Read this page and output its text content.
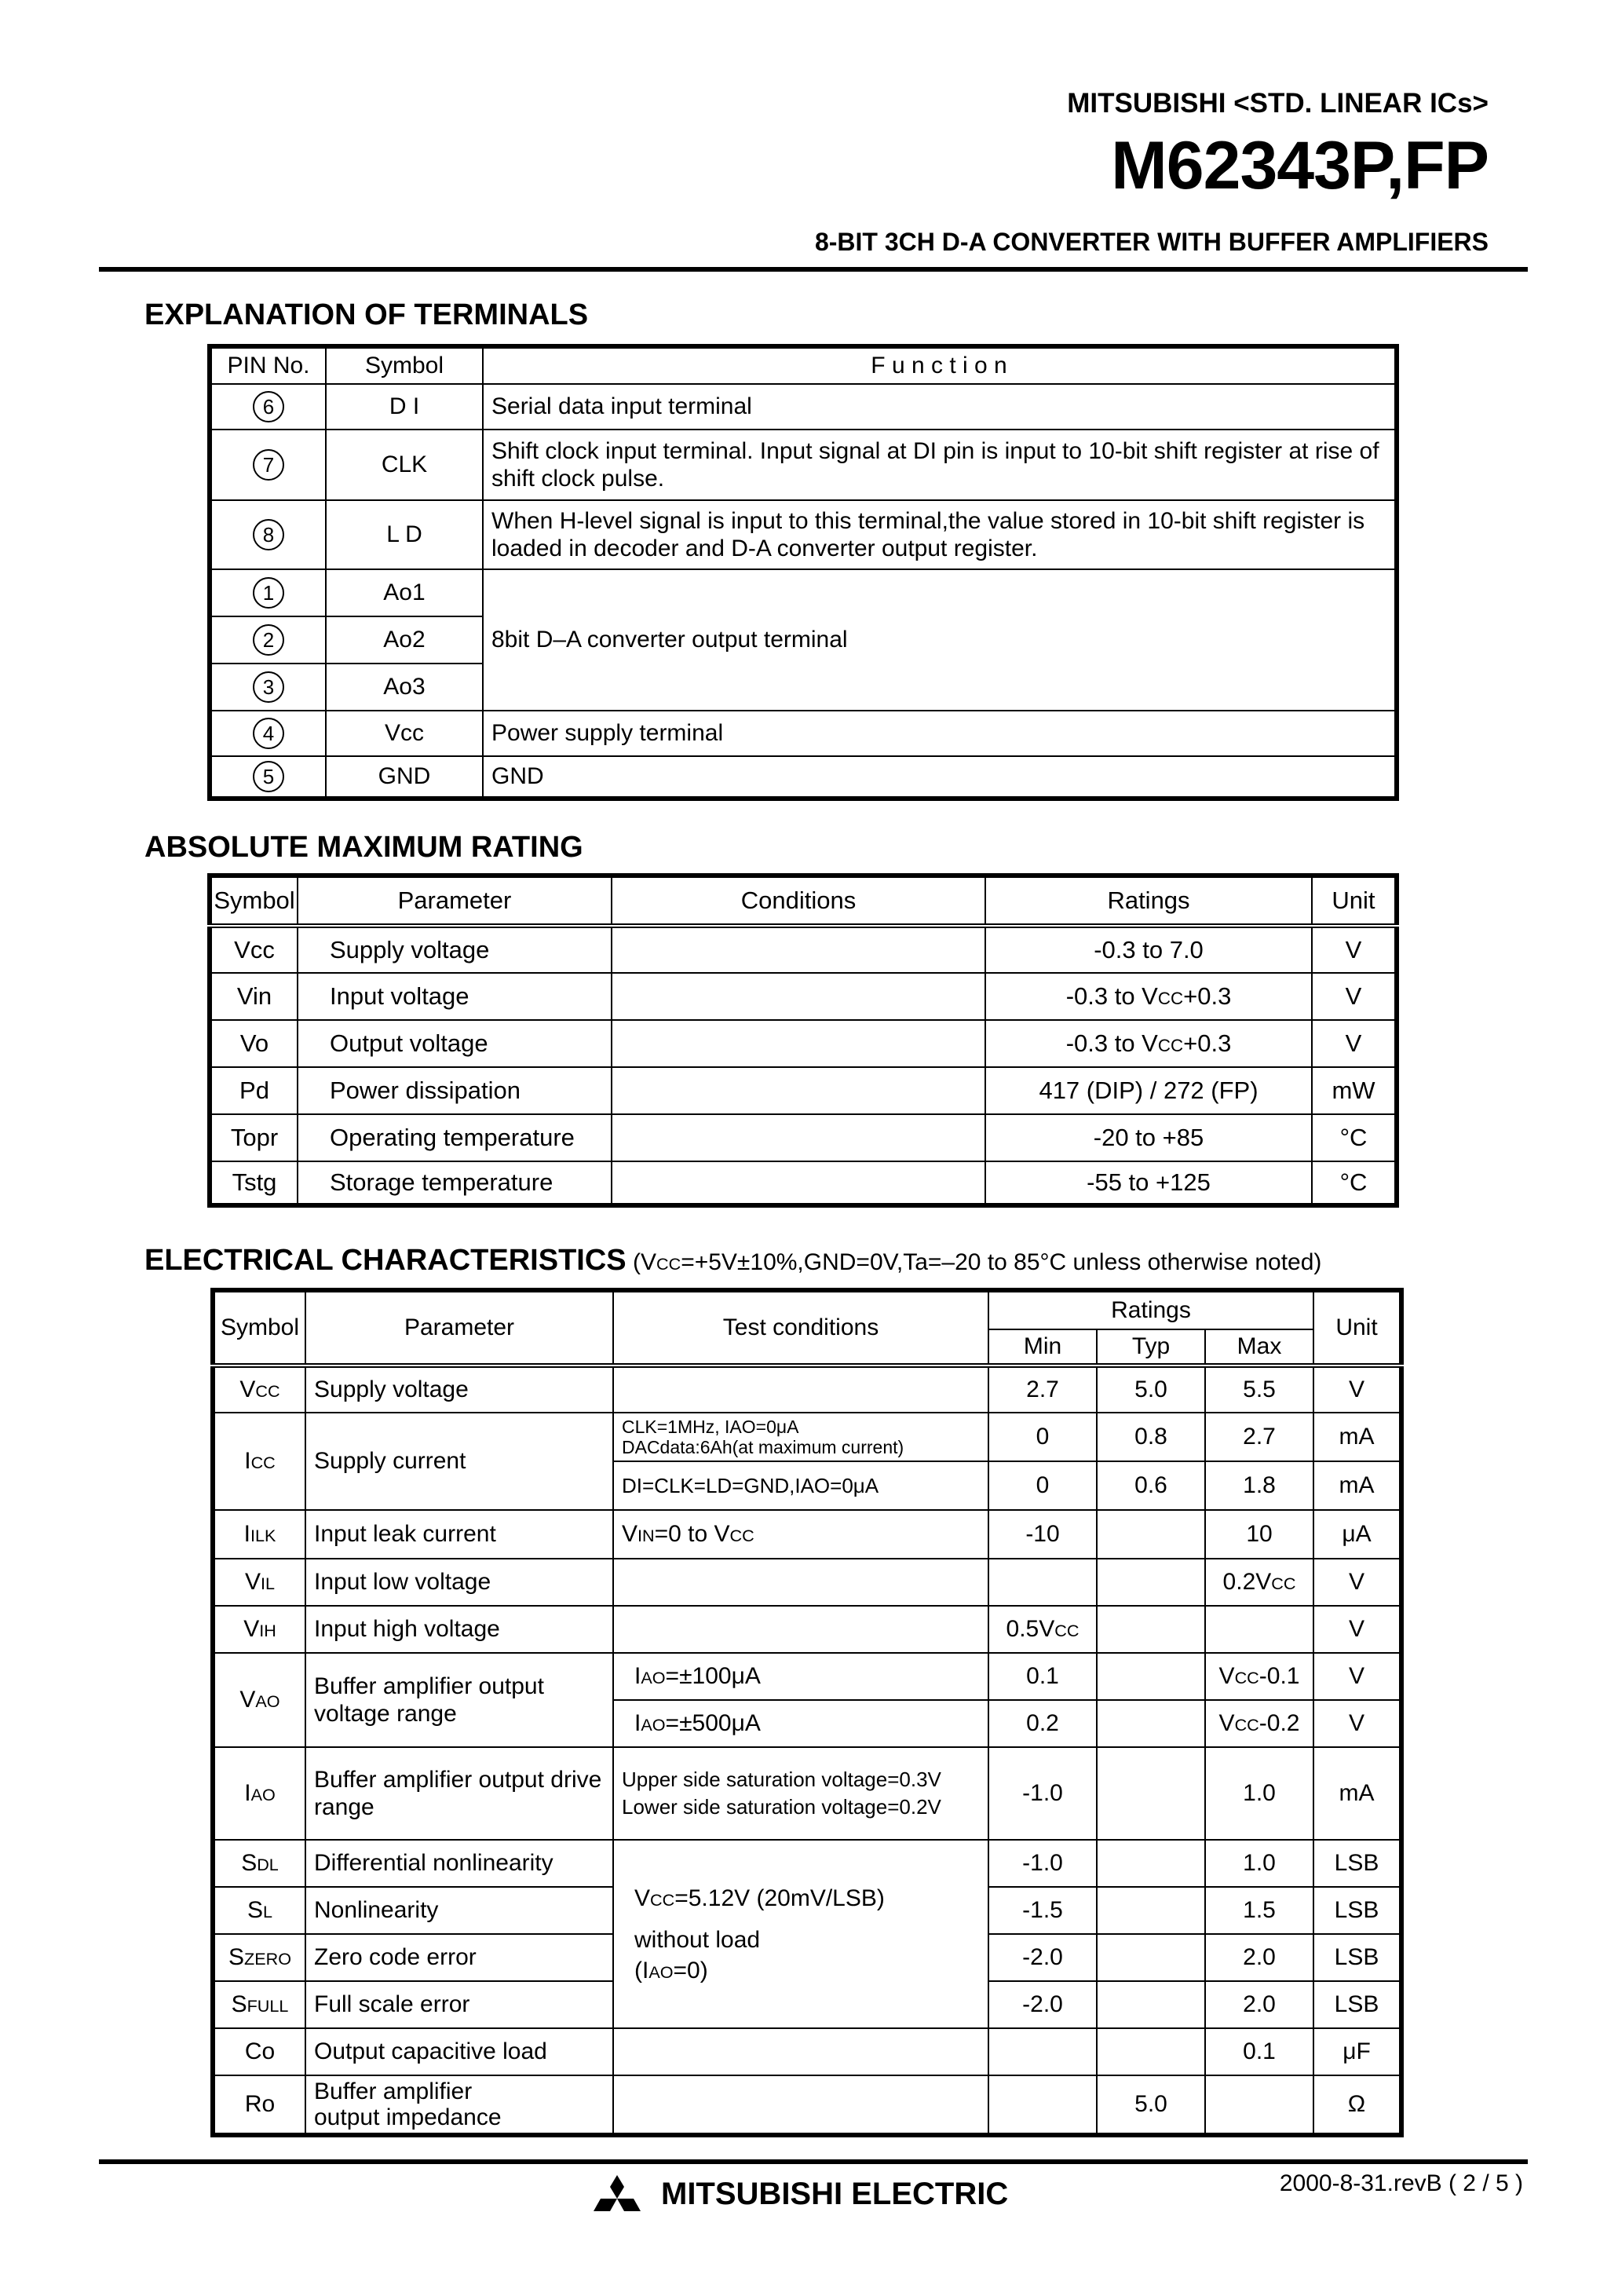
MITSUBISHI <STD. LINEAR ICs>
M62343P,FP
8-BIT 3CH D-A CONVERTER WITH BUFFER AMPLIFIERS
EXPLANATION OF TERMINALS
PIN No.	Symbol	F u n c t i o n
6	D I	Serial data input terminal
7	CLK	Shift clock input terminal. Input signal at DI pin is input to 10-bit shift register at rise of shift clock pulse.
8	L D	When H-level signal is input to this terminal,the value stored in 10-bit shift register is loaded in decoder and D-A converter output register.
1	Ao1	8bit D–A converter output terminal
2	Ao2	
3	Ao3	
4	Vcc	Power supply terminal
5	GND	GND
ABSOLUTE MAXIMUM RATING
Symbol	Parameter	Conditions	Ratings	Unit
Vcc	Supply voltage		-0.3 to 7.0	V
Vin	Input voltage		-0.3 to VCC+0.3	V
Vo	Output voltage		-0.3 to VCC+0.3	V
Pd	Power dissipation		417 (DIP) / 272 (FP)	mW
Topr	Operating temperature		-20 to +85	°C
Tstg	Storage temperature		-55 to +125	°C
ELECTRICAL CHARACTERISTICS (VCC=+5V±10%,GND=0V,Ta=–20 to 85°C unless otherwise noted)
Symbol	Parameter	Test conditions	Ratings			Unit
			Min	Typ	Max	
VCC	Supply voltage		2.7	5.0	5.5	V
ICC	Supply current	CLK=1MHz, IAO=0μA
DACdata:6Ah(at maximum current)	0	0.8	2.7	mA
		DI=CLK=LD=GND,IAO=0μA	0	0.6	1.8	mA
IILK	Input leak current	VIN=0 to VCC	-10		10	μA
VIL	Input low voltage				0.2VCC	V
VIH	Input high voltage		0.5VCC			V
VAO	Buffer amplifier output voltage range	IAO=±100μA	0.1		VCC-0.1	V
		IAO=±500μA	0.2		VCC-0.2	V
IAO	Buffer amplifier output drive range	Upper side saturation voltage=0.3V
Lower side saturation voltage=0.2V	-1.0		1.0	mA
SDL	Differential nonlinearity	VCC=5.12V (20mV/LSB)
without load
(IAO=0)	-1.0		1.0	LSB
SL	Nonlinearity		-1.5		1.5	LSB
SZERO	Zero code error		-2.0		2.0	LSB
SFULL	Full scale error		-2.0		2.0	LSB
Co	Output capacitive load				0.1	μF
Ro	Buffer amplifier
output impedance			5.0		Ω
MITSUBISHI ELECTRIC	2000-8-31.revB ( 2 / 5 )
